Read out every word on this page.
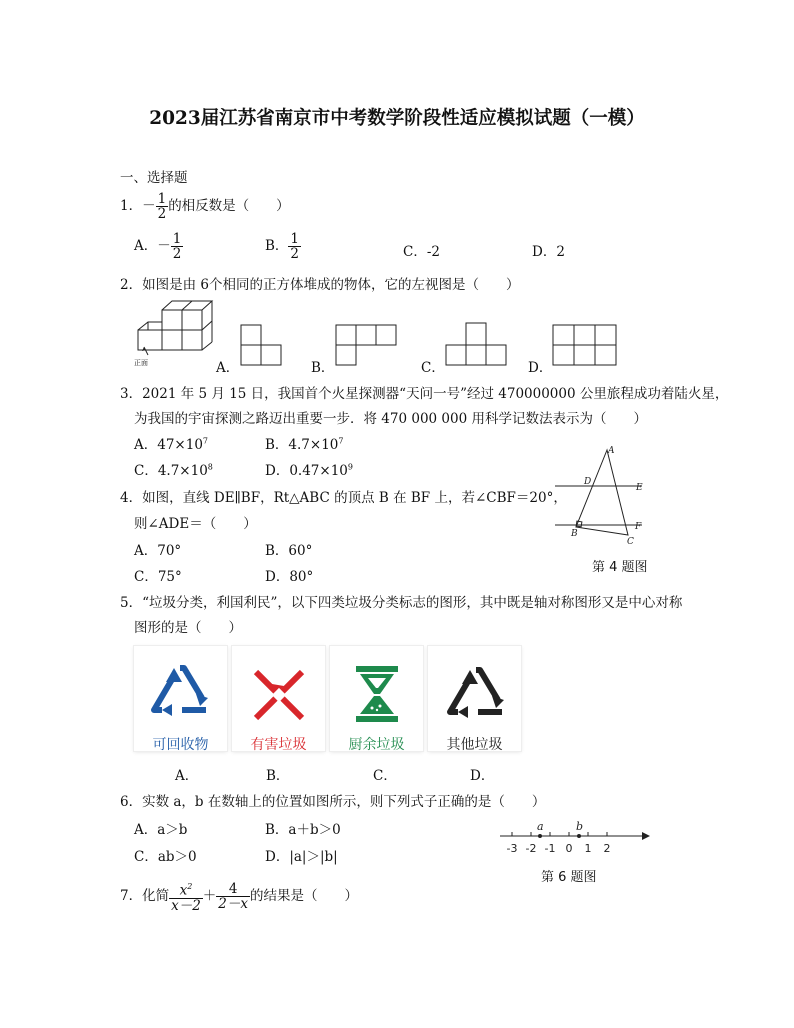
2023届江苏省南京市中考数学阶段性适应模拟试题（一模）
一、选择题
1．－ $\frac{1}{2}$ 的相反数是（　　）
A．－ $\frac{1}{2}$	B． $\frac{1}{2}$	C．-2	D．2
2．如图是由 6个相同的正方体堆成的物体，它的左视图是（　　）
正面	A．	B．	C．	D．
3．2021 年 5 月 15 日，我国首个火星探测器“天问一号”经过 470000000 公里旅程成功着陆火星，
为我国的宇宙探测之路迈出重要一步．将 470 000 000 用科学记数法表示为（　　）
A．$47\times 10^7$	B．$4.7\times 10^7$
C．$4.7\times 10^8$	D．$0.47\times 10^9$
4．如图，直线 DE∥BF，Rt△ABC 的顶点 B 在 BF 上，若∠CBF＝20°，
则∠ADE＝（　　）
A．70°	B．60°
C．75°	D．80°
A
D
E
B
F
C
第 4 题图
5．“垃圾分类，利国利民”，以下四类垃圾分类标志的图形，其中既是轴对称图形又是中心对称
图形的是（　　）
可回收物	有害垃圾	厨余垃圾	其他垃圾
A．	B．	C．	D．
6．实数 a，b 在数轴上的位置如图所示，则下列式子正确的是（　　）
A．a＞b	B．a＋b＞0
C．ab＞0	D．|a|＞|b|
a	b
-3 -2 -1 0 1 2
第 6 题图
7．化简 $\frac{x^2}{x-2} + \frac{4}{2-x}$ 的结果是（　　）
